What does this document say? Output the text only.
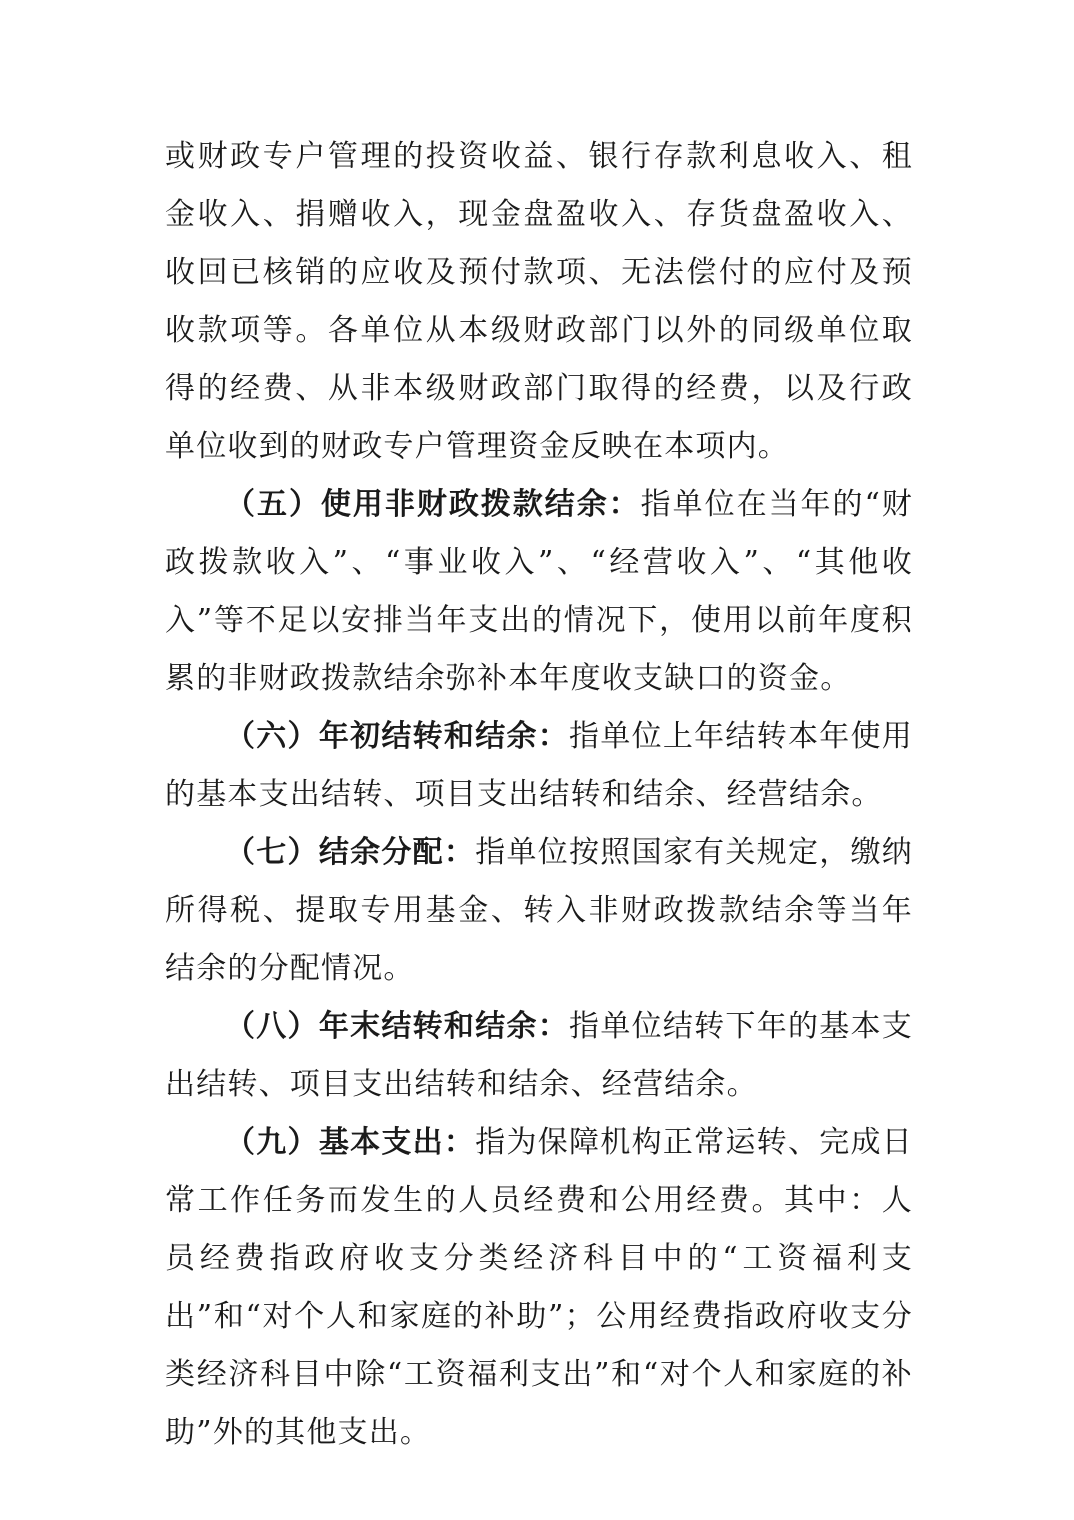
或财政专户管理的投资收益、银行存款利息收入、租金收入、捐赠收入，现金盘盈收入、存货盘盈收入、收回已核销的应收及预付款项、无法偿付的应付及预收款项等。各单位从本级财政部门以外的同级单位取得的经费、从非本级财政部门取得的经费，以及行政单位收到的财政专户管理资金反映在本项内。

（五）使用非财政拨款结余：指单位在当年的“财政拨款收入”、“事业收入”、“经营收入”、“其他收入”等不足以安排当年支出的情况下，使用以前年度积累的非财政拨款结余弥补本年度收支缺口的资金。

（六）年初结转和结余：指单位上年结转本年使用的基本支出结转、项目支出结转和结余、经营结余。

（七）结余分配：指单位按照国家有关规定，缴纳所得税、提取专用基金、转入非财政拨款结余等当年结余的分配情况。

（八）年末结转和结余：指单位结转下年的基本支出结转、项目支出结转和结余、经营结余。

（九）基本支出：指为保障机构正常运转、完成日常工作任务而发生的人员经费和公用经费。其中：人员经费指政府收支分类经济科目中的“工资福利支出”和“对个人和家庭的补助”；公用经费指政府收支分类经济科目中除“工资福利支出”和“对个人和家庭的补助”外的其他支出。
